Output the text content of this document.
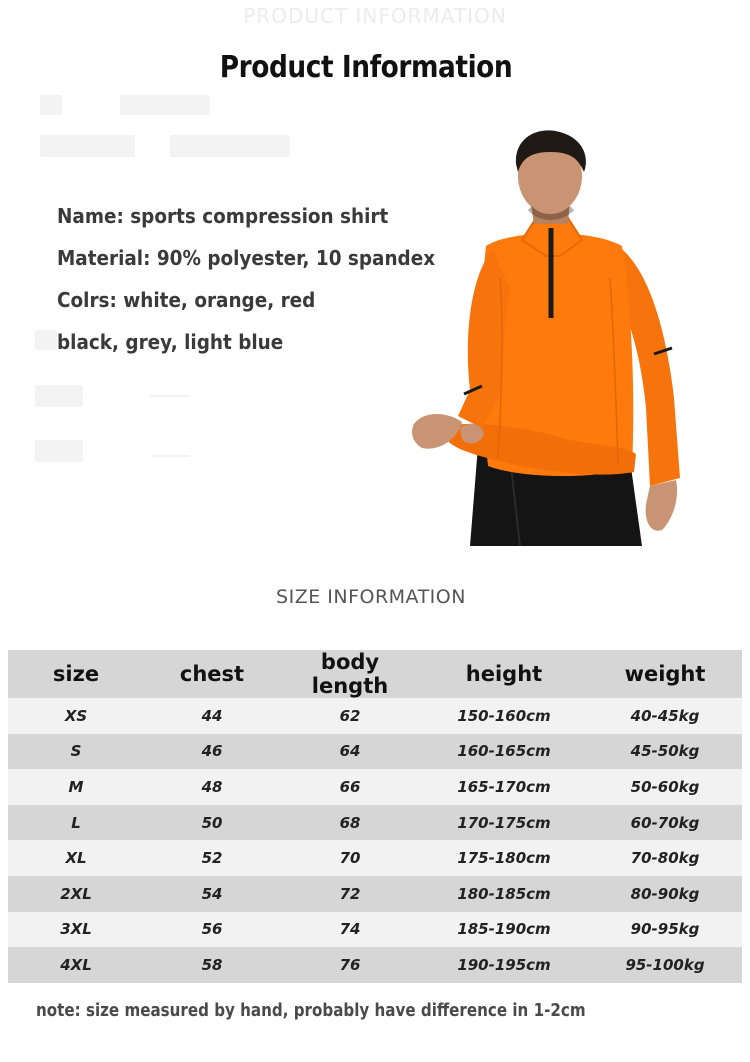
PRODUCT INFORMATION
Product Information
Name: sports compression shirt
Material: 90% polyester, 10 spandex
Colrs: white, orange, red
black, grey, light blue
SIZE INFORMATION
size	chest	body length	height	weight
XS	44	62	150-160cm	40-45kg
S	46	64	160-165cm	45-50kg
M	48	66	165-170cm	50-60kg
L	50	68	170-175cm	60-70kg
XL	52	70	175-180cm	70-80kg
2XL	54	72	180-185cm	80-90kg
3XL	56	74	185-190cm	90-95kg
4XL	58	76	190-195cm	95-100kg
note: size measured by hand, probably have difference in 1-2cm
